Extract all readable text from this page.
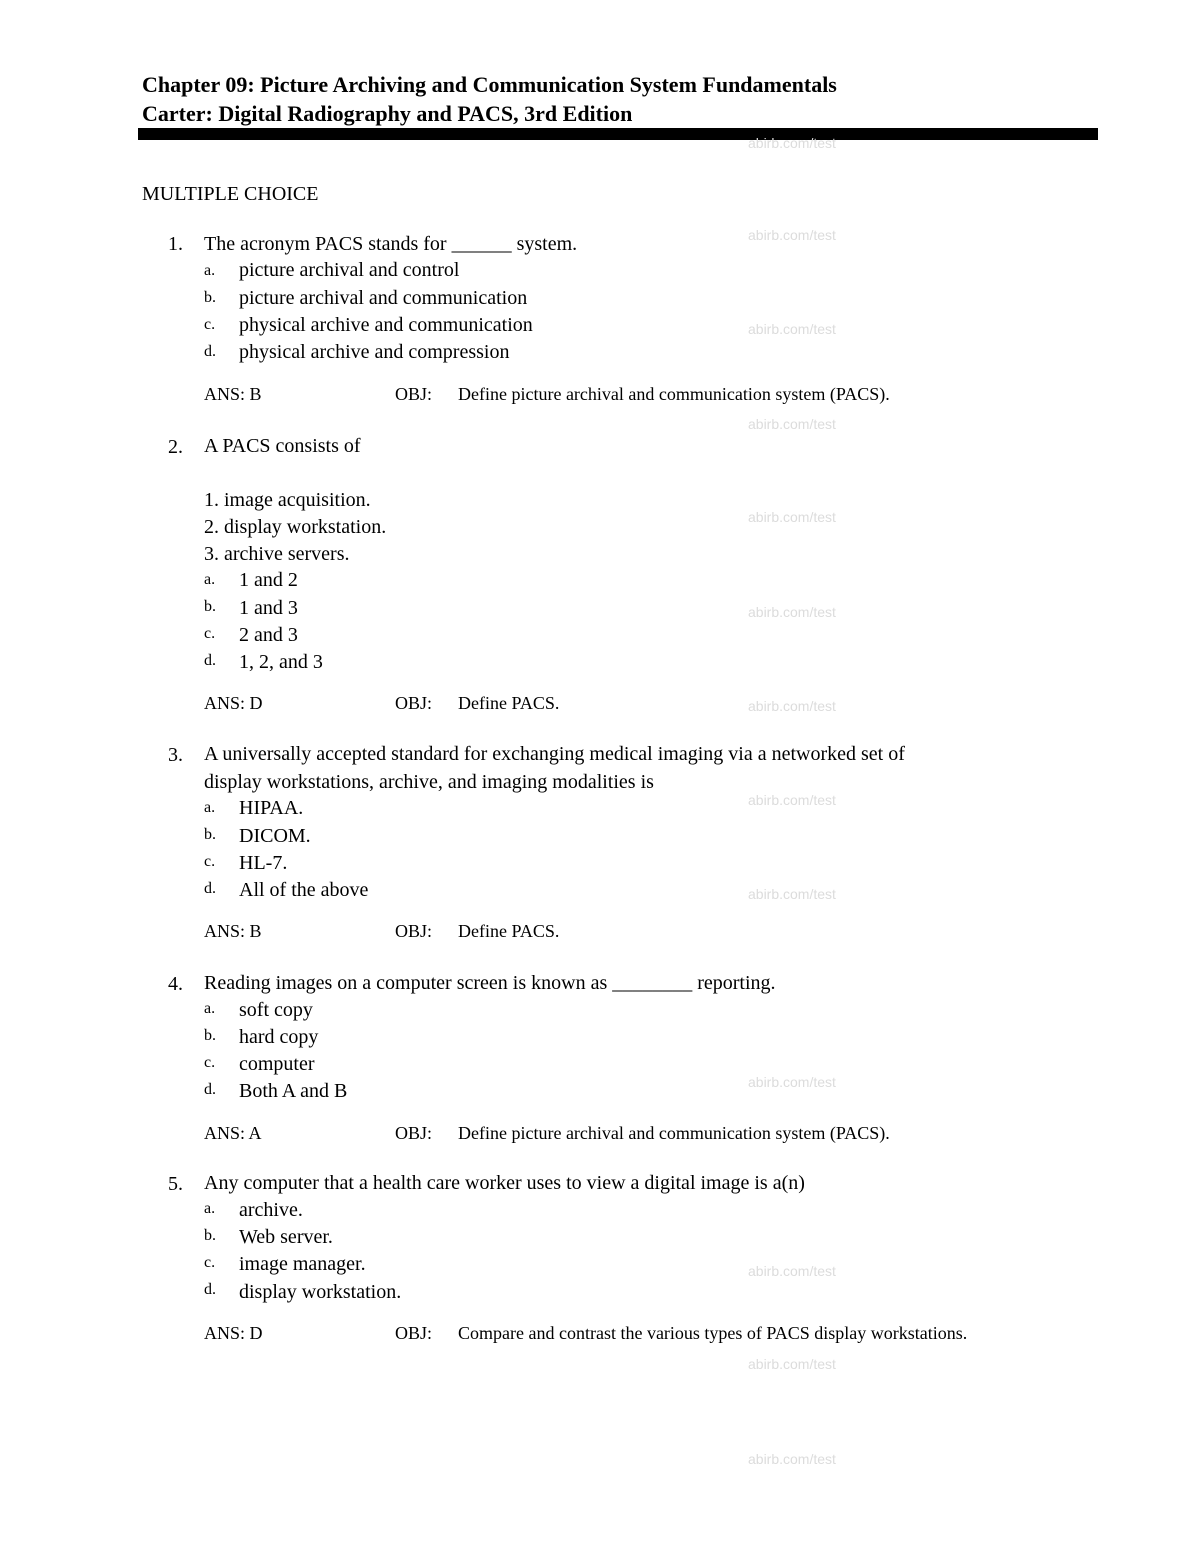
Chapter 09: Picture Archiving and Communication System Fundamentals
Carter: Digital Radiography and PACS, 3rd Edition
abirb.com/test
abirb.com/test
abirb.com/test
abirb.com/test
abirb.com/test
abirb.com/test
abirb.com/test
abirb.com/test
abirb.com/test
abirb.com/test
abirb.com/test
abirb.com/test
abirb.com/test
MULTIPLE CHOICE
1. The acronym PACS stands for ______ system.
a. picture archival and control
b. picture archival and communication
c. physical archive and communication
d. physical archive and compression
ANS: B	OBJ: Define picture archival and communication system (PACS).
2. A PACS consists of
1. image acquisition.
2. display workstation.
3. archive servers.
a. 1 and 2
b. 1 and 3
c. 2 and 3
d. 1, 2, and 3
ANS: D	OBJ: Define PACS.
3. A universally accepted standard for exchanging medical imaging via a networked set of
display workstations, archive, and imaging modalities is
a. HIPAA.
b. DICOM.
c. HL-7.
d. All of the above
ANS: B	OBJ: Define PACS.
4. Reading images on a computer screen is known as ________ reporting.
a. soft copy
b. hard copy
c. computer
d. Both A and B
ANS: A	OBJ: Define picture archival and communication system (PACS).
5. Any computer that a health care worker uses to view a digital image is a(n)
a. archive.
b. Web server.
c. image manager.
d. display workstation.
ANS: D	OBJ: Compare and contrast the various types of PACS display workstations.
